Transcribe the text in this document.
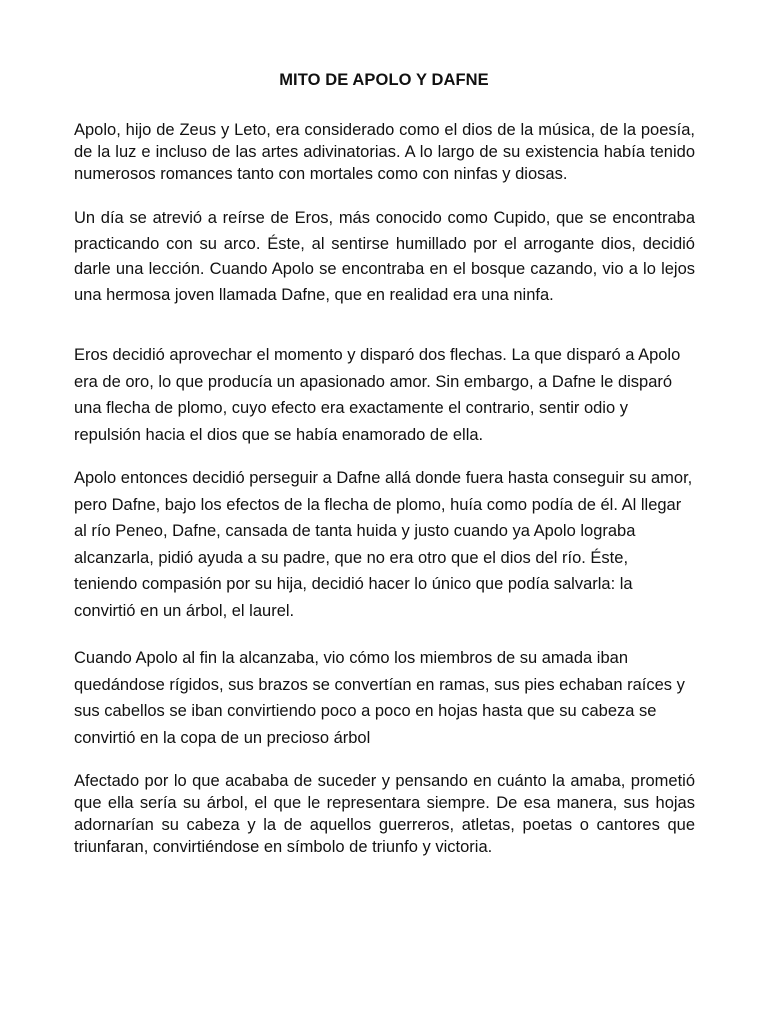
MITO DE APOLO Y DAFNE

Apolo, hijo de Zeus y Leto, era considerado como el dios de la música, de la poesía, de la luz e incluso de las artes adivinatorias. A lo largo de su existencia había tenido numerosos romances tanto con mortales como con ninfas y diosas.

Un día se atrevió a reírse de Eros, más conocido como Cupido, que se encontraba practicando con su arco. Éste, al sentirse humillado por el arrogante dios, decidió darle una lección. Cuando Apolo se encontraba en el bosque cazando, vio a lo lejos una hermosa joven llamada Dafne, que en realidad era una ninfa.

Eros decidió aprovechar el momento y disparó dos flechas. La que disparó a Apolo era de oro, lo que producía un apasionado amor. Sin embargo, a Dafne le disparó una flecha de plomo, cuyo efecto era exactamente el contrario, sentir odio y repulsión hacia el dios que se había enamorado de ella.

Apolo entonces decidió perseguir a Dafne allá donde fuera hasta conseguir su amor, pero Dafne, bajo los efectos de la flecha de plomo, huía como podía de él. Al llegar al río Peneo, Dafne, cansada de tanta huida y justo cuando ya Apolo lograba alcanzarla, pidió ayuda a su padre, que no era otro que el dios del río. Éste, teniendo compasión por su hija, decidió hacer lo único que podía salvarla: la convirtió en un árbol, el laurel.

Cuando Apolo al fin la alcanzaba, vio cómo los miembros de su amada iban quedándose rígidos, sus brazos se convertían en ramas, sus pies echaban raíces y sus cabellos se iban convirtiendo poco a poco en hojas hasta que su cabeza se convirtió en la copa de un precioso árbol

Afectado por lo que acababa de suceder y pensando en cuánto la amaba, prometió que ella sería su árbol, el que le representara siempre. De esa manera, sus hojas adornarían su cabeza y la de aquellos guerreros, atletas, poetas o cantores que triunfaran, convirtiéndose en símbolo de triunfo y victoria.
